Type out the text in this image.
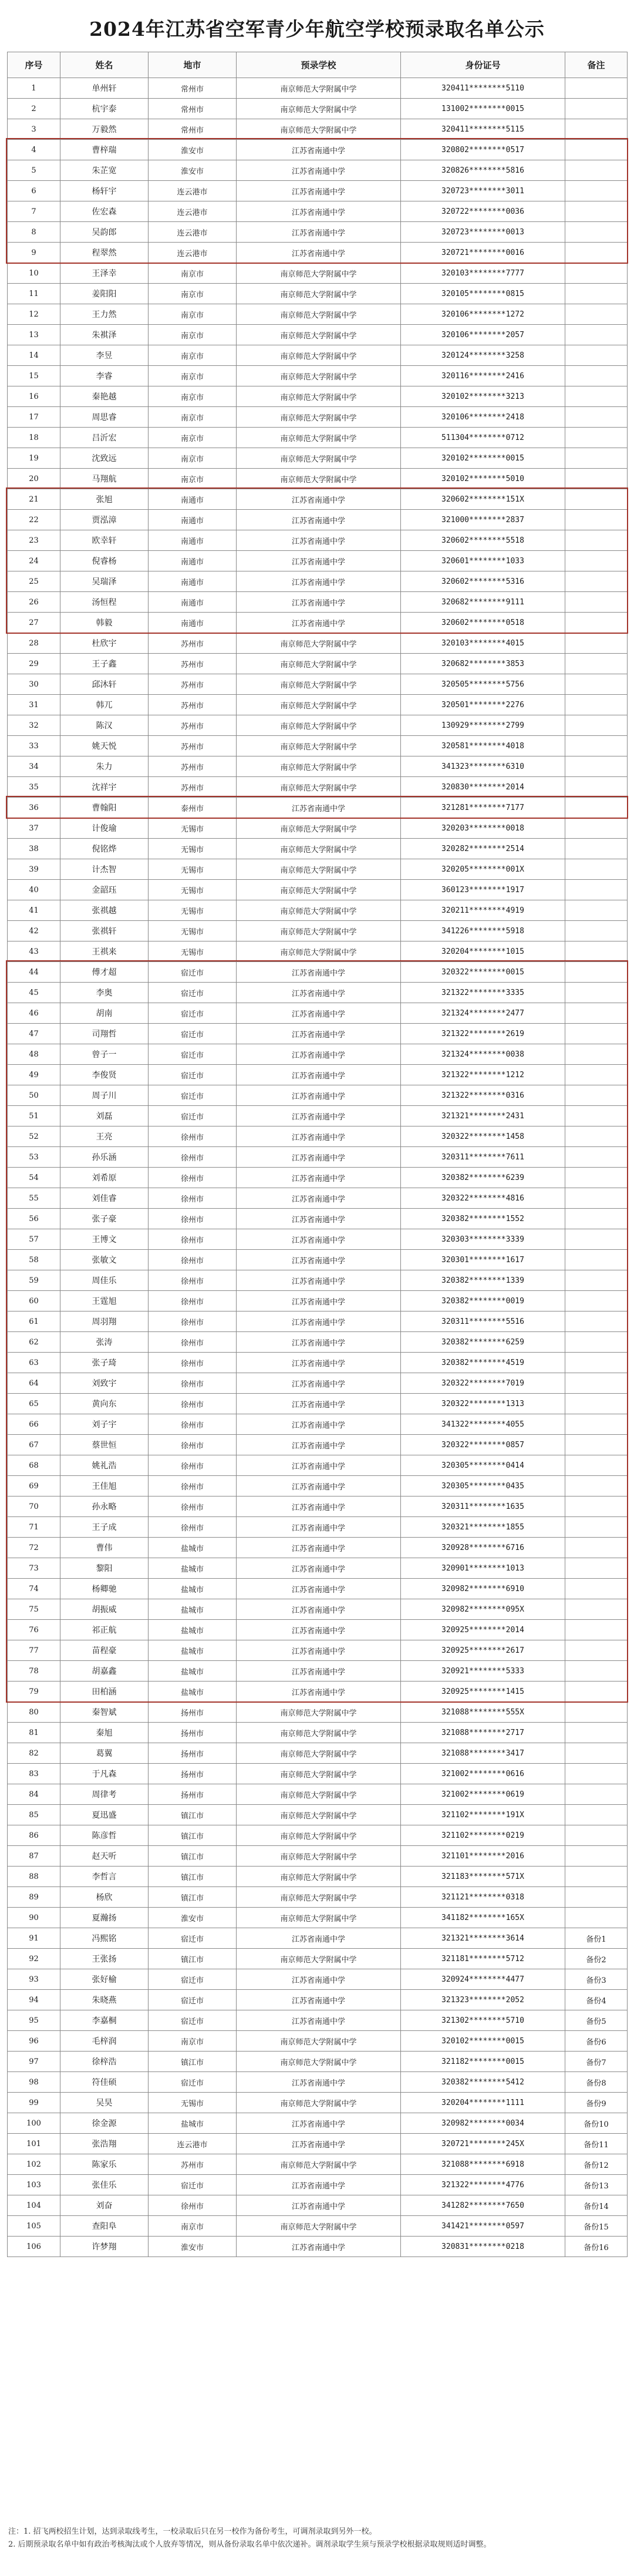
2024年江苏省空军青少年航空学校预录取名单公示
序号	姓名	地市	预录学校	身份证号	备注
1	单州轩	常州市	南京师范大学附属中学	320411********5110	
2	杭宇泰	常州市	南京师范大学附属中学	131002********0015	
3	万毅然	常州市	南京师范大学附属中学	320411********5115	
4	曹梓瑞	淮安市	江苏省南通中学	320802********0517	
5	朱芷宽	淮安市	江苏省南通中学	320826********5816	
6	杨轩宇	连云港市	江苏省南通中学	320723********3011	
7	佐宏森	连云港市	江苏省南通中学	320722********0036	
8	吴韵郎	连云港市	江苏省南通中学	320723********0013	
9	程翠然	连云港市	江苏省南通中学	320721********0016	
10	王泽幸	南京市	南京师范大学附属中学	320103********7777	
11	姜阳阳	南京市	南京师范大学附属中学	320105********0815	
12	王力然	南京市	南京师范大学附属中学	320106********1272	
13	朱褀泽	南京市	南京师范大学附属中学	320106********2057	
14	李昱	南京市	南京师范大学附属中学	320124********3258	
15	李睿	南京市	南京师范大学附属中学	320116********2416	
16	秦艳越	南京市	南京师范大学附属中学	320102********3213	
17	周思睿	南京市	南京师范大学附属中学	320106********2418	
18	吕沂宏	南京市	南京师范大学附属中学	511304********0712	
19	沈致远	南京市	南京师范大学附属中学	320102********0015	
20	马翔航	南京市	南京师范大学附属中学	320102********5010	
21	张旭	南通市	江苏省南通中学	320602********151X	
22	贾泓漳	南通市	江苏省南通中学	321000********2837	
23	欧幸轩	南通市	江苏省南通中学	320602********5518	
24	倪睿杨	南通市	江苏省南通中学	320601********1033	
25	吴瑞泽	南通市	江苏省南通中学	320602********5316	
26	汤恒程	南通市	江苏省南通中学	320682********9111	
27	韩毅	南通市	江苏省南通中学	320602********0518	
28	杜欣宇	苏州市	南京师范大学附属中学	320103********4015	
29	王子鑫	苏州市	南京师范大学附属中学	320682********3853	
30	邱沐轩	苏州市	南京师范大学附属中学	320505********5756	
31	韩兀	苏州市	南京师范大学附属中学	320501********2276	
32	陈汉	苏州市	南京师范大学附属中学	130929********2799	
33	姚天悦	苏州市	南京师范大学附属中学	320581********4018	
34	朱力	苏州市	南京师范大学附属中学	341323********6310	
35	沈祥宇	苏州市	南京师范大学附属中学	320830********2014	
36	曹翰阳	泰州市	江苏省南通中学	321281********7177	
37	计俊瑜	无锡市	南京师范大学附属中学	320203********0018	
38	倪铭烨	无锡市	南京师范大学附属中学	320282********2514	
39	计杰智	无锡市	南京师范大学附属中学	320205********001X	
40	金韶珏	无锡市	南京师范大学附属中学	360123********1917	
41	张祺越	无锡市	南京师范大学附属中学	320211********4919	
42	张祺轩	无锡市	南京师范大学附属中学	341226********5918	
43	王祺来	无锡市	南京师范大学附属中学	320204********1015	
44	傅才超	宿迁市	江苏省南通中学	320322********0015	
45	李奥	宿迁市	江苏省南通中学	321322********3335	
46	胡南	宿迁市	江苏省南通中学	321324********2477	
47	司翔哲	宿迁市	江苏省南通中学	321322********2619	
48	曾子一	宿迁市	江苏省南通中学	321324********0038	
49	李俊贤	宿迁市	江苏省南通中学	321322********1212	
50	周子川	宿迁市	江苏省南通中学	321322********0316	
51	刘磊	宿迁市	江苏省南通中学	321321********2431	
52	王亮	徐州市	江苏省南通中学	320322********1458	
53	孙乐涵	徐州市	江苏省南通中学	320311********7611	
54	刘希原	徐州市	江苏省南通中学	320382********6239	
55	刘佳睿	徐州市	江苏省南通中学	320322********4816	
56	张子豪	徐州市	江苏省南通中学	320382********1552	
57	王博文	徐州市	江苏省南通中学	320303********3339	
58	张敏文	徐州市	江苏省南通中学	320301********1617	
59	周佳乐	徐州市	江苏省南通中学	320382********1339	
60	王霆旭	徐州市	江苏省南通中学	320382********0019	
61	周羽翔	徐州市	江苏省南通中学	320311********5516	
62	张涛	徐州市	江苏省南通中学	320382********6259	
63	张子琦	徐州市	江苏省南通中学	320382********4519	
64	刘致宇	徐州市	江苏省南通中学	320322********7019	
65	黄向东	徐州市	江苏省南通中学	320322********1313	
66	刘子宇	徐州市	江苏省南通中学	341322********4055	
67	蔡世恒	徐州市	江苏省南通中学	320322********0857	
68	姚礼浩	徐州市	江苏省南通中学	320305********0414	
69	王佳旭	徐州市	江苏省南通中学	320305********0435	
70	孙永略	徐州市	江苏省南通中学	320311********1635	
71	王子成	徐州市	江苏省南通中学	320321********1855	
72	曹伟	盐城市	江苏省南通中学	320928********6716	
73	黎阳	盐城市	江苏省南通中学	320901********1013	
74	杨卿驰	盐城市	江苏省南通中学	320982********6910	
75	胡振威	盐城市	江苏省南通中学	320982********095X	
76	祁正航	盐城市	江苏省南通中学	320925********2014	
77	苗程豪	盐城市	江苏省南通中学	320925********2617	
78	胡嘉鑫	盐城市	江苏省南通中学	320921********5333	
79	田柏涵	盐城市	江苏省南通中学	320925********1415	
80	秦智斌	扬州市	南京师范大学附属中学	321088********555X	
81	秦旭	扬州市	南京师范大学附属中学	321088********2717	
82	葛翼	扬州市	南京师范大学附属中学	321088********3417	
83	于凡森	扬州市	南京师范大学附属中学	321002********0616	
84	周律考	扬州市	南京师范大学附属中学	321002********0619	
85	夏迅盛	镇江市	南京师范大学附属中学	321102********191X	
86	陈彦哲	镇江市	南京师范大学附属中学	321102********0219	
87	赵天听	镇江市	南京师范大学附属中学	321101********2016	
88	李哲言	镇江市	南京师范大学附属中学	321183********571X	
89	杨欣	镇江市	南京师范大学附属中学	321121********0318	
90	夏瀚扬	淮安市	南京师范大学附属中学	341182********165X	
91	冯熙铭	宿迁市	江苏省南通中学	321321********3614	备份1
92	王张扬	镇江市	南京师范大学附属中学	321181********5712	备份2
93	张好榆	宿迁市	江苏省南通中学	320924********4477	备份3
94	朱晓燕	宿迁市	江苏省南通中学	321323********2052	备份4
95	李嘉桐	宿迁市	江苏省南通中学	321302********5710	备份5
96	毛梓润	南京市	南京师范大学附属中学	320102********0015	备份6
97	徐梓浩	镇江市	南京师范大学附属中学	321182********0015	备份7
98	符佳硕	宿迁市	江苏省南通中学	320382********5412	备份8
99	吴昊	无锡市	南京师范大学附属中学	320204********1111	备份9
100	徐金源	盐城市	江苏省南通中学	320982********0034	备份10
101	张浩翔	连云港市	江苏省南通中学	320721********245X	备份11
102	陈家乐	苏州市	南京师范大学附属中学	321088********6918	备份12
103	张佳乐	宿迁市	江苏省南通中学	321322********4776	备份13
104	刘奋	徐州市	江苏省南通中学	341282********7650	备份14
105	查阳阜	南京市	南京师范大学附属中学	341421********0597	备份15
106	许梦翔	淮安市	江苏省南通中学	320831********0218	备份16

注：1. 招飞两校招生计划，达到录取线考生，一校录取后只在另一校作为备份考生，可调剂录取到另外一校。

2. 后期预录取名单中如有政治考核淘汰或个人放弃等情况，则从备份录取名单中依次递补。调剂录取学生须与预录学校根据录取规则适时调整。
